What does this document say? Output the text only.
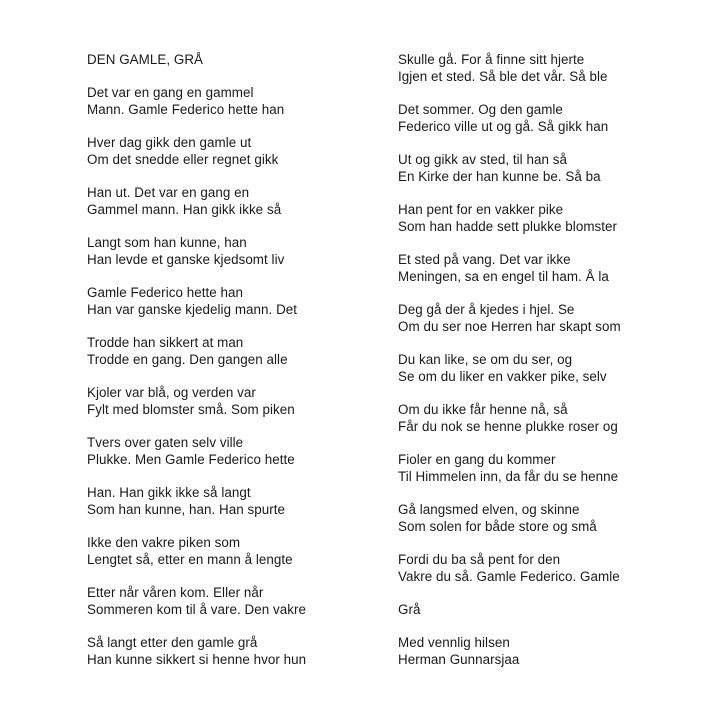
DEN GAMLE, GRÅ
Det var en gang en gammel
Mann. Gamle Federico hette han
Hver dag gikk den gamle ut
Om det snedde eller regnet gikk
Han ut. Det var en gang en
Gammel mann. Han gikk ikke så
Langt som han kunne, han
Han levde et ganske kjedsomt liv
Gamle Federico hette han
Han var ganske kjedelig mann. Det
Trodde han sikkert at man
Trodde en gang. Den gangen alle
Kjoler var blå, og verden var
Fylt med blomster små. Som piken
Tvers over gaten selv ville
Plukke. Men Gamle Federico hette
Han. Han gikk ikke så langt
Som han kunne, han. Han spurte
Ikke den vakre piken som
Lengtet så, etter en mann å lengte
Etter når våren kom. Eller når
Sommeren kom til å vare. Den vakre
Så langt etter den gamle grå
Han kunne sikkert si henne hvor hun
Skulle gå. For å finne sitt hjerte
Igjen et sted. Så ble det vår. Så ble
Det sommer. Og den gamle
Federico ville ut og gå. Så gikk han
Ut og gikk av sted, til han så
En Kirke der han kunne be. Så ba
Han pent for en vakker pike
Som han hadde sett plukke blomster
Et sted på vang. Det var ikke
Meningen, sa en engel til ham. Å la
Deg gå der å kjedes i hjel. Se
Om du ser noe Herren har skapt som
Du kan like, se om du ser, og
Se om du liker en vakker pike, selv
Om du ikke får henne nå, så
Får du nok se henne plukke roser og
Fioler en gang du kommer
Til Himmelen inn, da får du se henne
Gå langsmed elven, og skinne
Som solen for både store og små
Fordi du ba så pent for den
Vakre du så. Gamle Federico. Gamle
Grå
Med vennlig hilsen
Herman Gunnarsjaa
